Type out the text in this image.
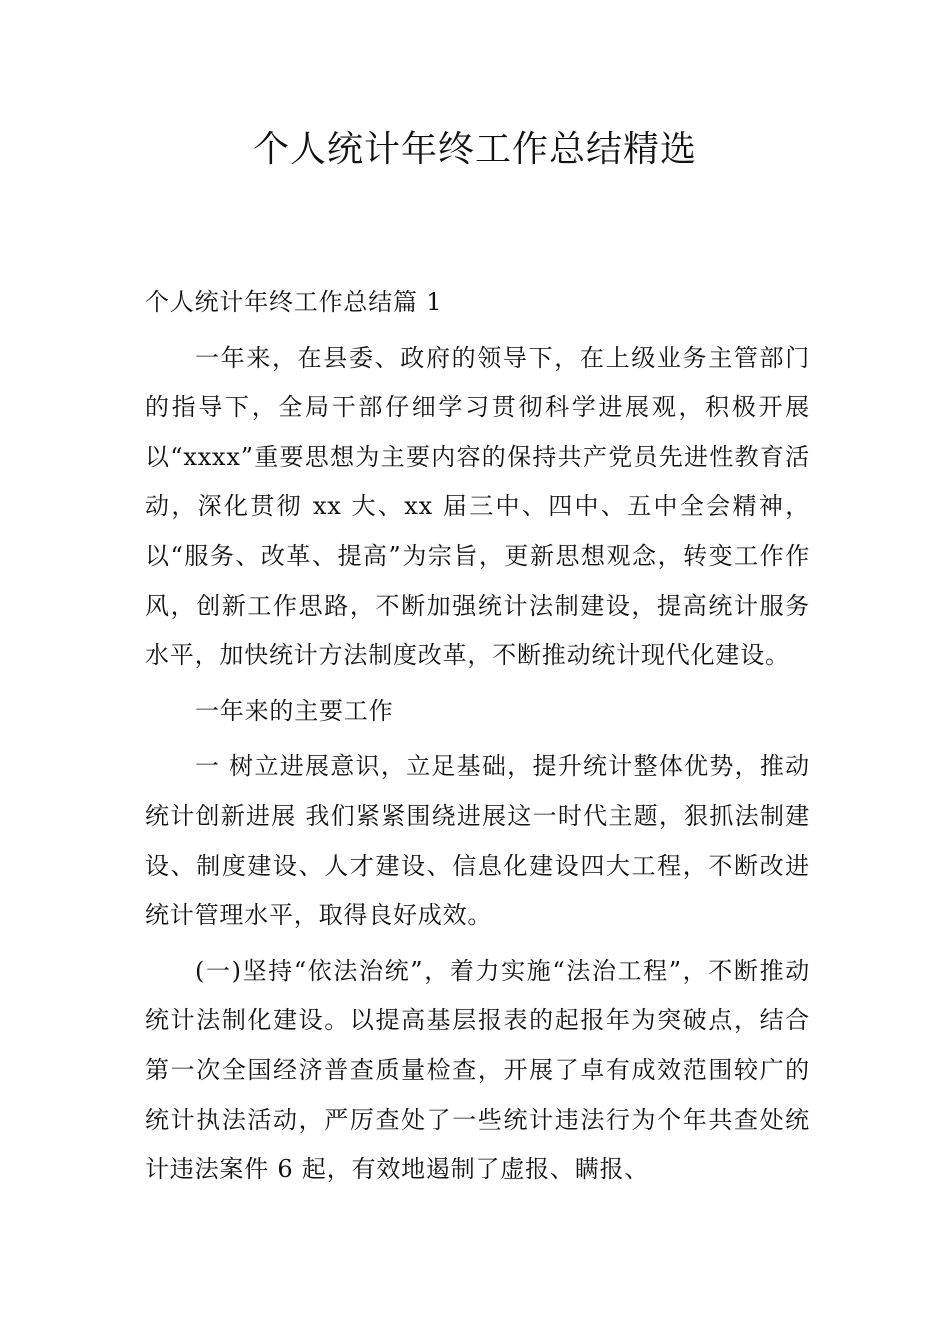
个人统计年终工作总结精选

个人统计年终工作总结篇 1

一年来，在县委、政府的领导下，在上级业务主管部门的指导下，全局干部仔细学习贯彻科学进展观，积极开展以“xxxx”重要思想为主要内容的保持共产党员先进性教育活动，深化贯彻 xx 大、xx 届三中、四中、五中全会精神，以“服务、改革、提高”为宗旨，更新思想观念，转变工作作风，创新工作思路，不断加强统计法制建设，提高统计服务水平，加快统计方法制度改革，不断推动统计现代化建设。

一年来的主要工作

一 树立进展意识，立足基础，提升统计整体优势，推动统计创新进展 我们紧紧围绕进展这一时代主题，狠抓法制建设、制度建设、人才建设、信息化建设四大工程，不断改进统计管理水平，取得良好成效。

(一)坚持“依法治统”，着力实施“法治工程”，不断推动统计法制化建设。以提高基层报表的起报年为突破点，结合第一次全国经济普查质量检查，开展了卓有成效范围较广的统计执法活动，严厉查处了一些统计违法行为个年共查处统计违法案件 6 起，有效地遏制了虚报、瞒报、
